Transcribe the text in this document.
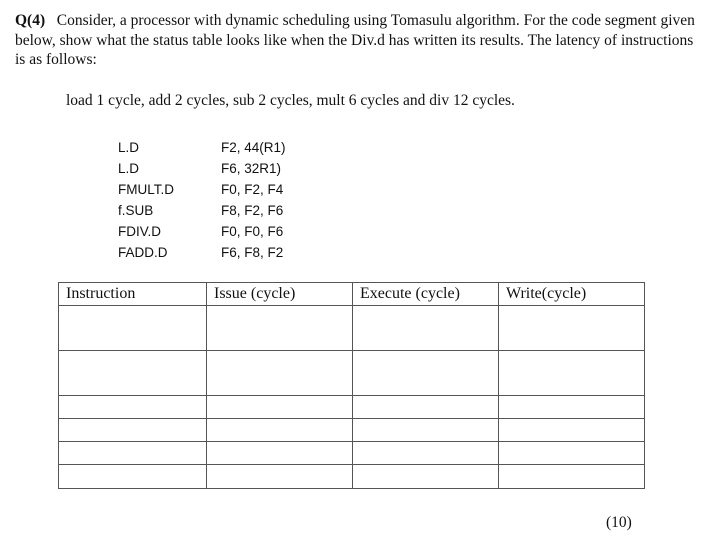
Q(4) Consider, a processor with dynamic scheduling using Tomasulu algorithm. For the code segment given below, show what the status table looks like when the Div.d has written its results. The latency of instructions is as follows:
load 1 cycle, add 2 cycles, sub 2 cycles, mult 6 cycles and div 12 cycles.
L.D	F2, 44(R1)
L.D	F6, 32R1)
FMULT.D	F0, F2, F4
f.SUB	F8, F2, F6
FDIV.D	F0, F0, F6
FADD.D	F6, F8, F2
Instruction	Issue (cycle)	Execute (cycle)	Write(cycle)

(10)
